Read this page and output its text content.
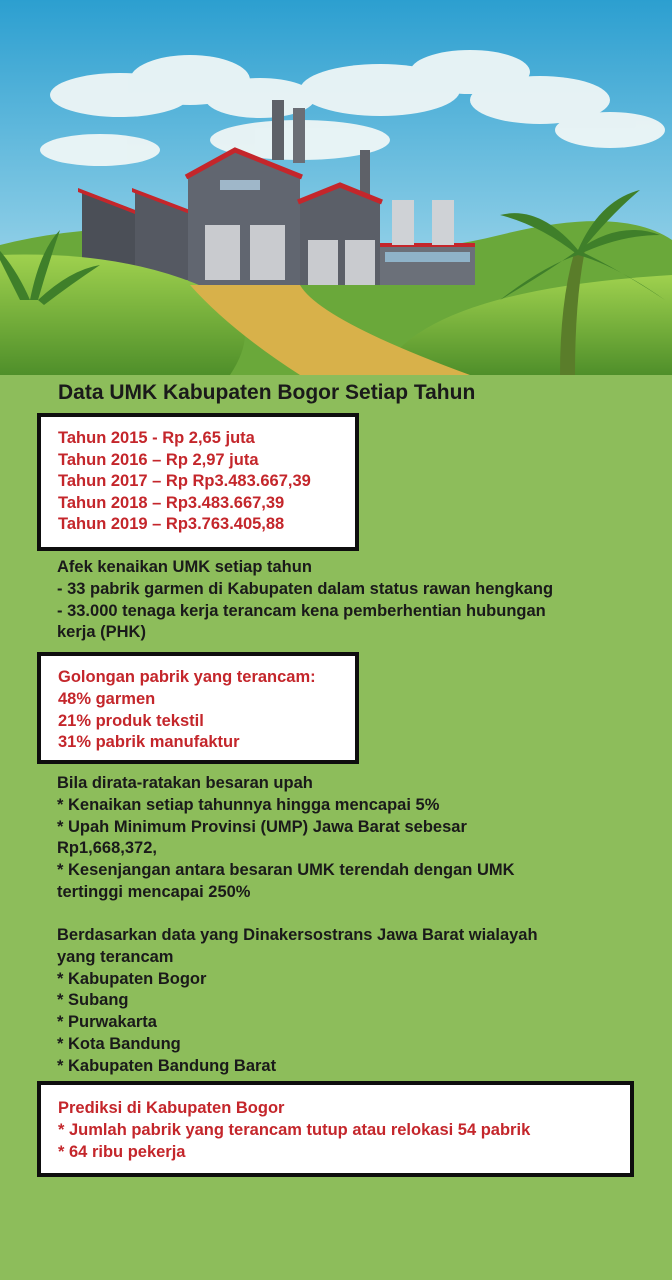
Data UMK Kabupaten Bogor Setiap Tahun
Tahun 2015 - Rp 2,65 juta
Tahun 2016 – Rp 2,97 juta
Tahun 2017 – Rp Rp3.483.667,39
Tahun 2018 – Rp3.483.667,39
Tahun 2019 – Rp3.763.405,88
Afek kenaikan UMK setiap tahun
- 33 pabrik garmen di Kabupaten dalam status rawan hengkang
- 33.000 tenaga kerja terancam kena pemberhentian hubungan
kerja (PHK)
Golongan pabrik yang terancam:
48% garmen
21% produk tekstil
31% pabrik manufaktur
Bila dirata-ratakan besaran upah
* Kenaikan setiap tahunnya hingga mencapai 5%
* Upah Minimum Provinsi (UMP) Jawa Barat sebesar
Rp1,668,372,
* Kesenjangan antara besaran UMK terendah dengan UMK
tertinggi mencapai 250%
Berdasarkan data yang Dinakersostrans Jawa Barat wialayah
yang terancam
* Kabupaten Bogor
* Subang
* Purwakarta
* Kota Bandung
* Kabupaten Bandung Barat
Prediksi di Kabupaten Bogor
* Jumlah pabrik yang terancam tutup atau relokasi 54 pabrik
* 64 ribu pekerja
